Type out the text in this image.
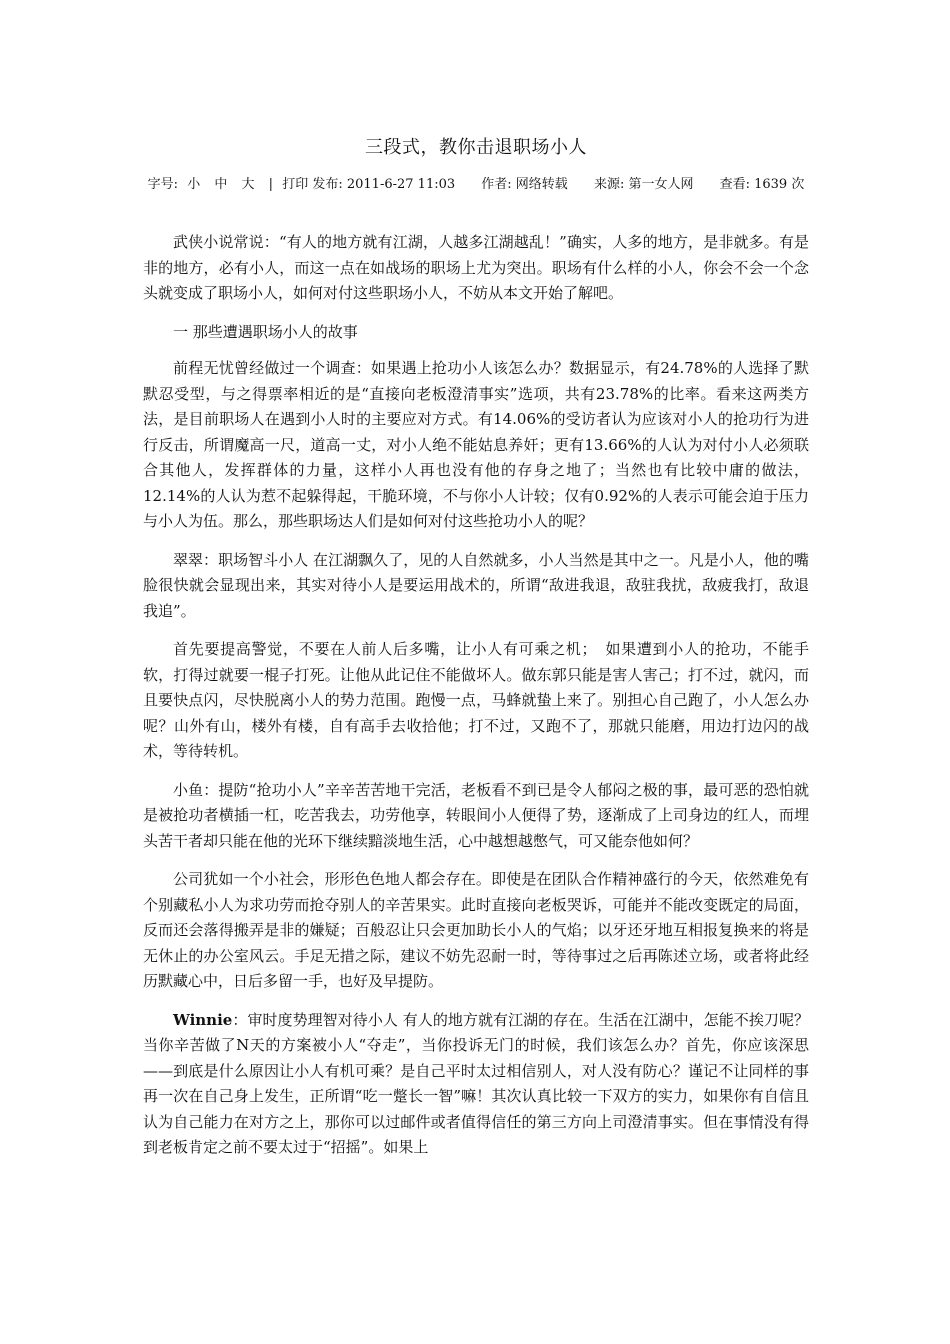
三段式，教你击退职场小人
字号: 小 中 大 | 打印 发布: 2011-6-27 11:03 作者: 网络转载 来源: 第一女人网 查看: 1639 次

武侠小说常说：“有人的地方就有江湖，人越多江湖越乱！”确实，人多的地方，是非就多。有是非的地方，必有小人，而这一点在如战场的职场上尤为突出。职场有什么样的小人，你会不会一个念头就变成了职场小人，如何对付这些职场小人，不妨从本文开始了解吧。

一 那些遭遇职场小人的故事

前程无忧曾经做过一个调查：如果遇上抢功小人该怎么办？数据显示，有24.78%的人选择了默默忍受型，与之得票率相近的是“直接向老板澄清事实”选项，共有23.78%的比率。看来这两类方法，是目前职场人在遇到小人时的主要应对方式。有14.06%的受访者认为应该对小人的抢功行为进行反击，所谓魔高一尺，道高一丈，对小人绝不能姑息养奸；更有13.66%的人认为对付小人必须联合其他人，发挥群体的力量，这样小人再也没有他的存身之地了；当然也有比较中庸的做法，12.14%的人认为惹不起躲得起，干脆环境，不与你小人计较；仅有0.92%的人表示可能会迫于压力与小人为伍。那么，那些职场达人们是如何对付这些抢功小人的呢？

翠翠：职场智斗小人 在江湖飘久了，见的人自然就多，小人当然是其中之一。凡是小人，他的嘴脸很快就会显现出来，其实对待小人是要运用战术的，所谓“敌进我退，敌驻我扰，敌疲我打，敌退我追”。

首先要提高警觉，不要在人前人后多嘴，让小人有可乘之机；　如果遭到小人的抢功，不能手软，打得过就要一棍子打死。让他从此记住不能做坏人。做东郭只能是害人害己；打不过，就闪，而且要快点闪，尽快脱离小人的势力范围。跑慢一点，马蜂就蛰上来了。别担心自己跑了，小人怎么办呢？山外有山，楼外有楼，自有高手去收拾他；打不过，又跑不了，那就只能磨，用边打边闪的战术，等待转机。

小鱼：提防“抢功小人”辛辛苦苦地干完活，老板看不到已是令人郁闷之极的事，最可恶的恐怕就是被抢功者横插一杠，吃苦我去，功劳他享，转眼间小人便得了势，逐渐成了上司身边的红人，而埋头苦干者却只能在他的光环下继续黯淡地生活，心中越想越憋气，可又能奈他如何？

公司犹如一个小社会，形形色色地人都会存在。即使是在团队合作精神盛行的今天，依然难免有个别藏私小人为求功劳而抢夺别人的辛苦果实。此时直接向老板哭诉，可能并不能改变既定的局面，反而还会落得搬弄是非的嫌疑；百般忍让只会更加助长小人的气焰；以牙还牙地互相报复换来的将是无休止的办公室风云。手足无措之际，建议不妨先忍耐一时，等待事过之后再陈述立场，或者将此经历默藏心中，日后多留一手，也好及早提防。

Winnie：审时度势理智对待小人 有人的地方就有江湖的存在。生活在江湖中，怎能不挨刀呢？当你辛苦做了N天的方案被小人“夺走”，当你投诉无门的时候，我们该怎么办？首先，你应该深思 ——到底是什么原因让小人有机可乘？是自己平时太过相信别人，对人没有防心？谨记不让同样的事再一次在自己身上发生，正所谓“吃一蹩长一智”嘛！其次认真比较一下双方的实力，如果你有自信且认为自己能力在对方之上，那你可以过邮件或者值得信任的第三方向上司澄清事实。但在事情没有得到老板肯定之前不要太过于“招摇”。如果上
